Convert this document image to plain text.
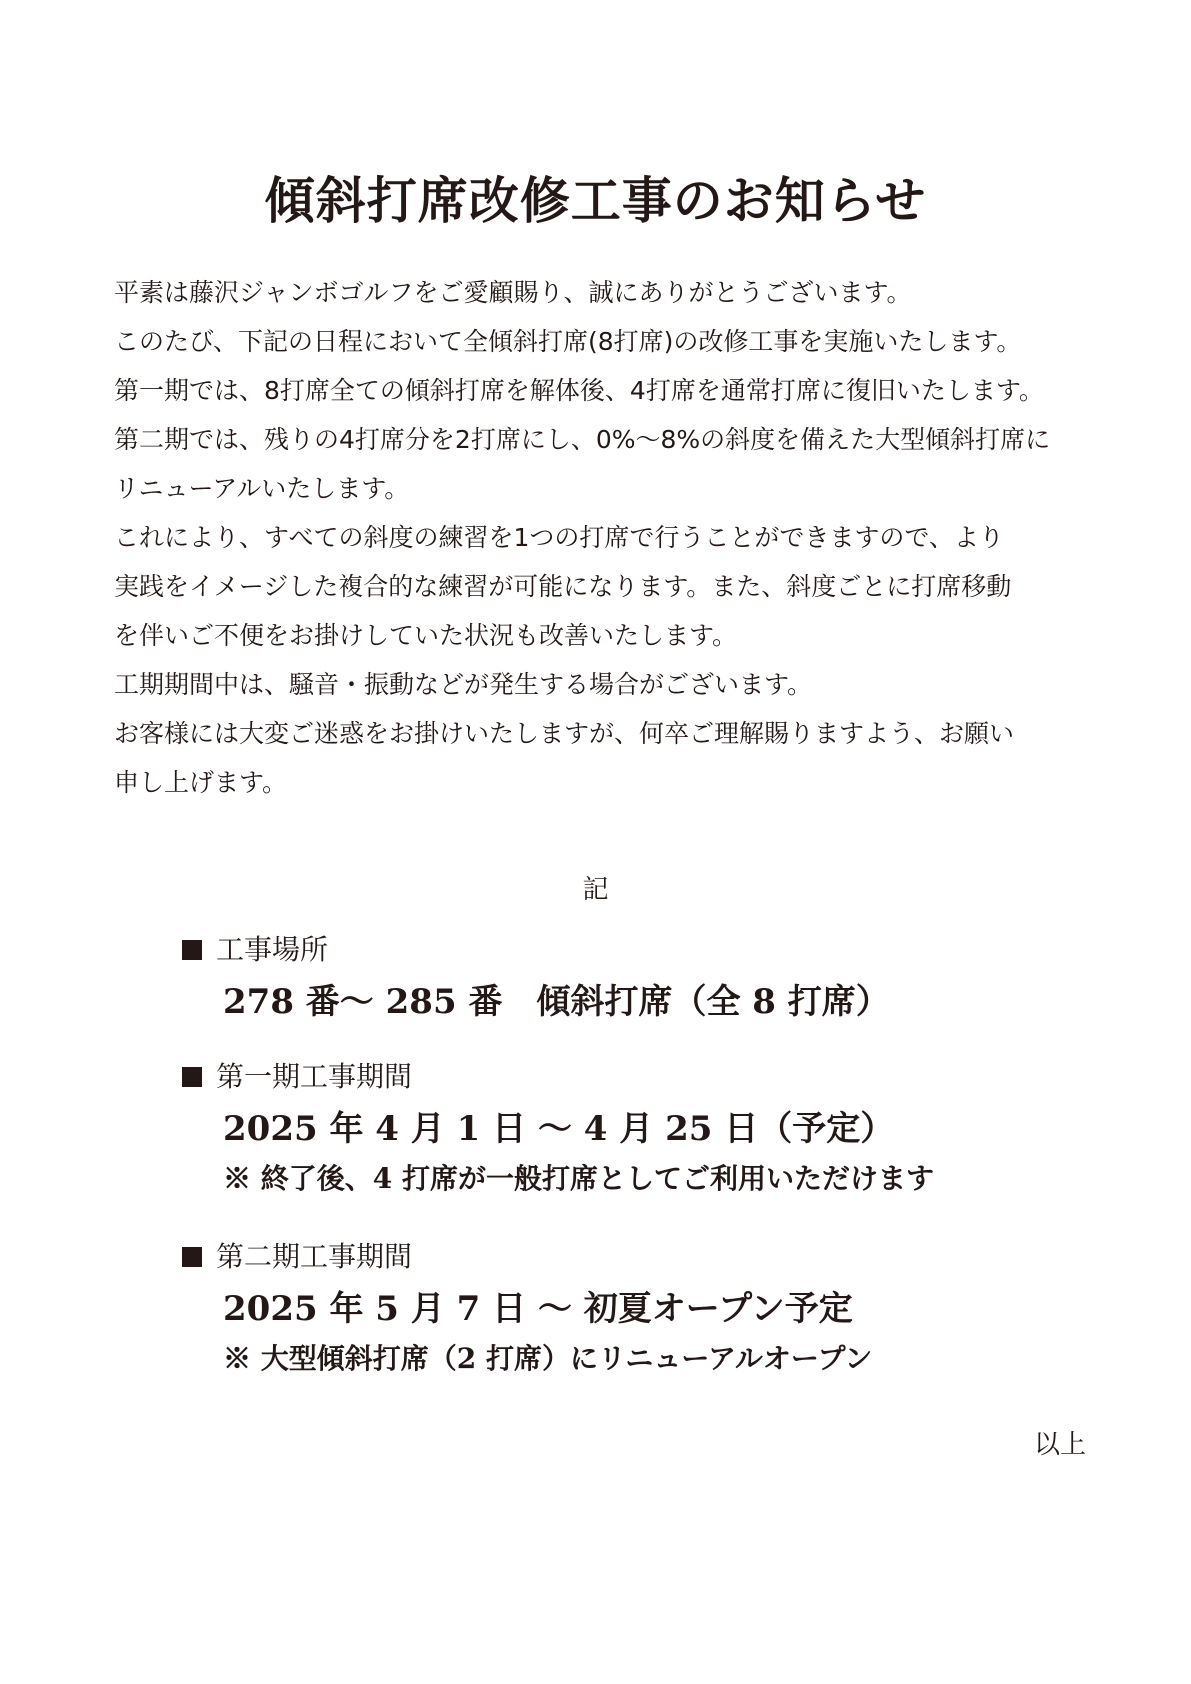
傾斜打席改修工事のお知らせ

平素は藤沢ジャンボゴルフをご愛顧賜り、誠にありがとうございます。

このたび、下記の日程において全傾斜打席(8打席)の改修工事を実施いたします。

第一期では、8打席全ての傾斜打席を解体後、4打席を通常打席に復旧いたします。

第二期では、残りの4打席分を2打席にし、0%〜8%の斜度を備えた大型傾斜打席に

リニューアルいたします。

これにより、すべての斜度の練習を1つの打席で行うことができますので、より

実践をイメージした複合的な練習が可能になります。また、斜度ごとに打席移動

を伴いご不便をお掛けしていた状況も改善いたします。

工期期間中は、騒音・振動などが発生する場合がございます。

お客様には大変ご迷惑をお掛けいたしますが、何卒ご理解賜りますよう、お願い

申し上げます。

記
工事場所
278 番〜 285 番　傾斜打席（全 8 打席）
第一期工事期間
2025 年 4 月 1 日 〜 4 月 25 日（予定）
※ 終了後、4 打席が一般打席としてご利用いただけます
第二期工事期間
2025 年 5 月 7 日 〜 初夏オープン予定
※ 大型傾斜打席（2 打席）にリニューアルオープン
以上
